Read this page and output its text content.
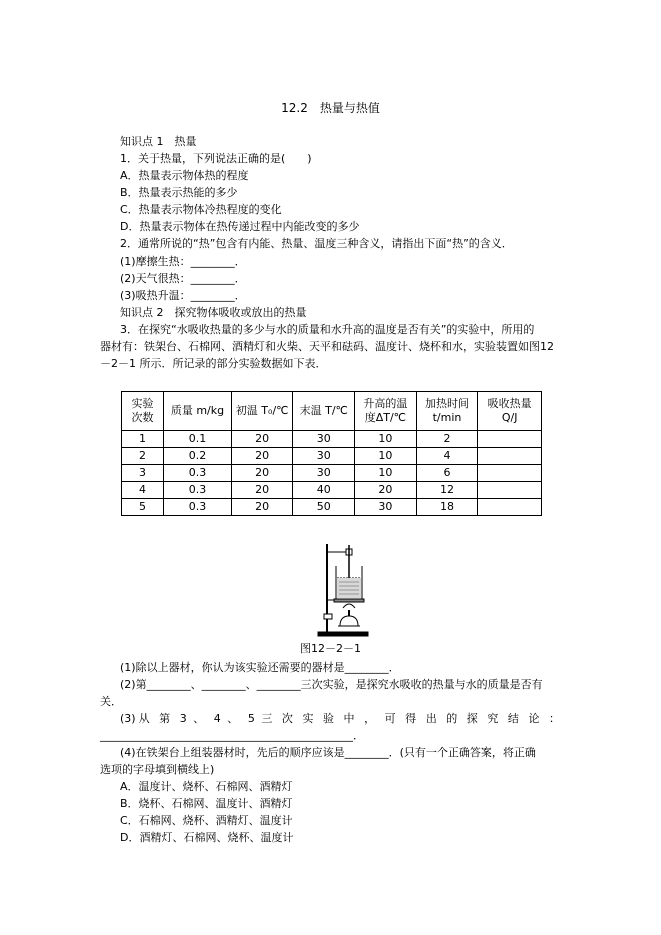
12.2　热量与热值
知识点 1　热量
1．关于热量，下列说法正确的是(　　)
A．热量表示物体热的程度
B．热量表示热能的多少
C．热量表示物体冷热程度的变化
D．热量表示物体在热传递过程中内能改变的多少
2．通常所说的“热”包含有内能、热量、温度三种含义，请指出下面“热”的含义．
(1)摩擦生热：________．
(2)天气很热：________．
(3)吸热升温：________．
知识点 2　探究物体吸收或放出的热量
3．在探究“水吸收热量的多少与水的质量和水升高的温度是否有关”的实验中，所用的
器材有：铁架台、石棉网、酒精灯和火柴、天平和砝码、温度计、烧杯和水，实验装置如图12
－2－1 所示．所记录的部分实验数据如下表．
实验
次数	质量 m/kg	初温 T₀/℃	末温 T/℃	升高的温
度ΔT/℃	加热时间
t/min	吸收热量
Q/J
1	0.1	20	30	10	2	
2	0.2	20	30	10	4	
3	0.3	20	30	10	6	
4	0.3	20	40	20	12	
5	0.3	20	50	30	18	
图12－2－1
(1)除以上器材，你认为该实验还需要的器材是________．
(2)第________、________、________三次实验，是探究水吸收的热量与水的质量是否有
关．
(3)从 第 3 、 4 、 5 三 次 实 验 中 ， 可 得 出 的 探 究 结 论 ：
______________________________________________．
(4)在铁架台上组装器材时，先后的顺序应该是________．(只有一个正确答案，将正确
选项的字母填到横线上)
A．温度计、烧杯、石棉网、酒精灯
B．烧杯、石棉网、温度计、酒精灯
C．石棉网、烧杯、酒精灯、温度计
D．酒精灯、石棉网、烧杯、温度计
